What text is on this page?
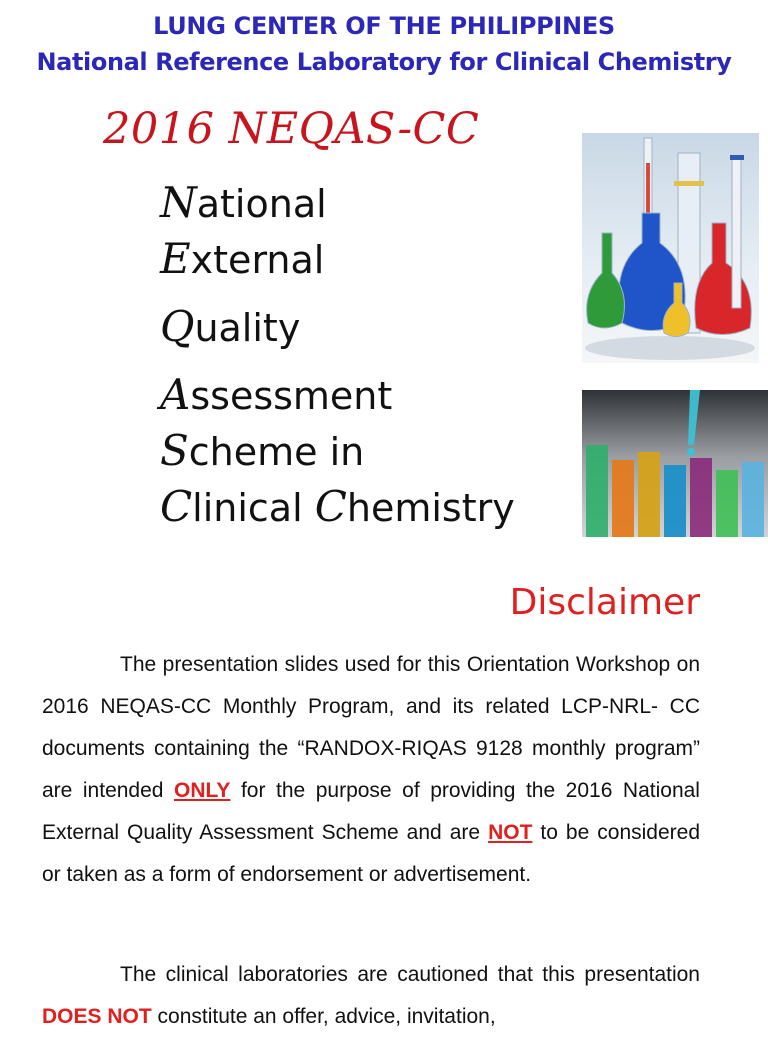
LUNG CENTER OF THE PHILIPPINES
National Reference Laboratory for Clinical Chemistry
2016 NEQAS-CC
National
External
Quality
Assessment
Scheme in
Clinical Chemistry
Disclaimer
The presentation slides used for this Orientation Workshop on 2016 NEQAS-CC Monthly Program, and its related LCP-NRL- CC documents containing the “RANDOX-RIQAS 9128 monthly program” are intended ONLY for the purpose of providing the 2016 National External Quality Assessment Scheme and are NOT to be considered or taken as a form of endorsement or advertisement.
The clinical laboratories are cautioned that this presentation DOES NOT constitute an offer, advice, invitation,
